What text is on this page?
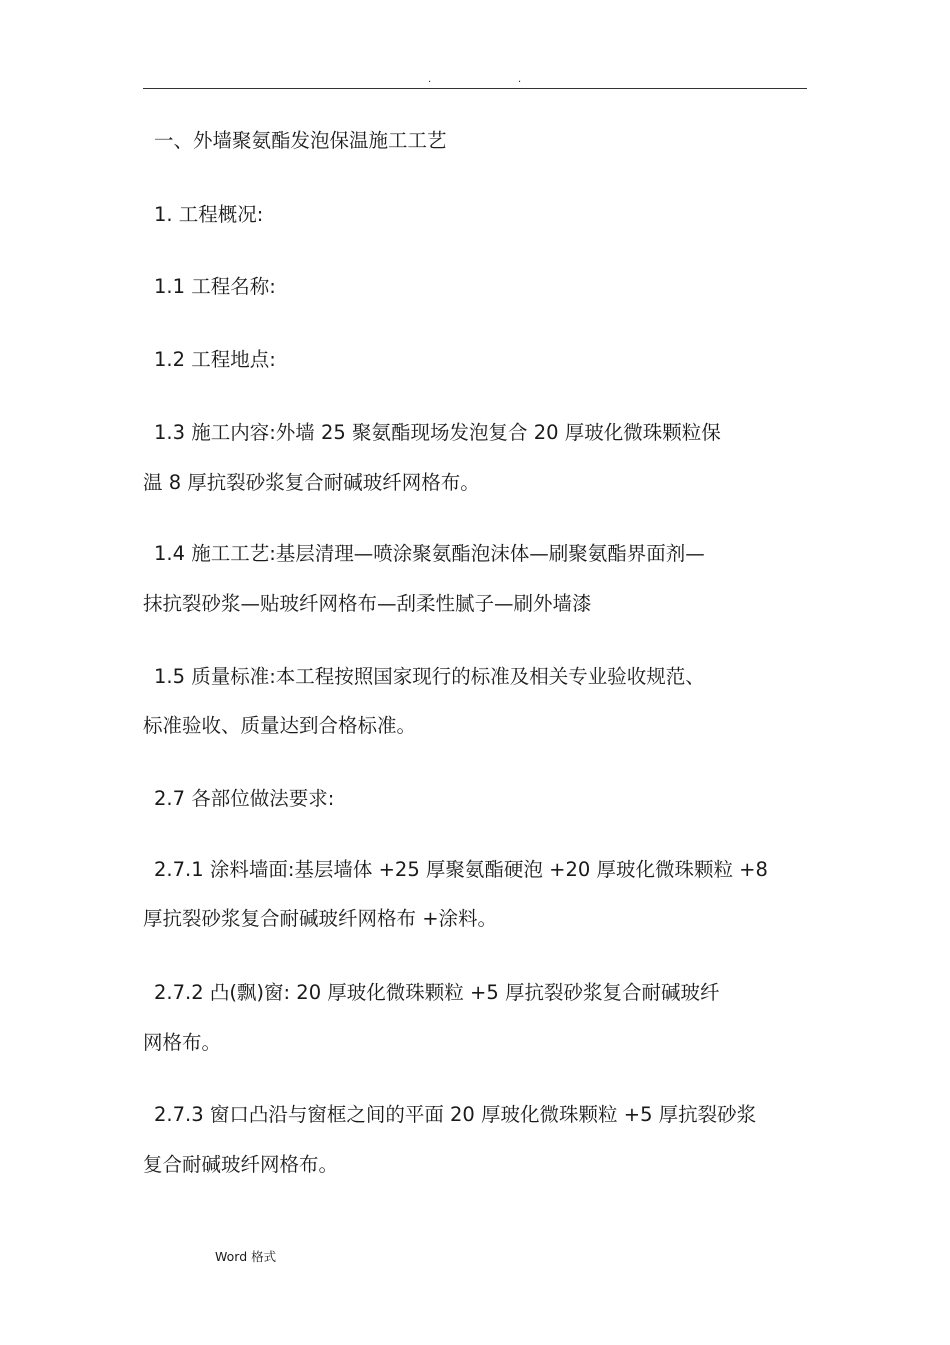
.	.
一、外墙聚氨酯发泡保温施工工艺
1. 工程概况:
1.1 工程名称:
1.2 工程地点:
1.3 施工内容:外墙 25 聚氨酯现场发泡复合 20 厚玻化微珠颗粒保
温 8 厚抗裂砂浆复合耐碱玻纤网格布。
1.4 施工工艺:基层清理—喷涂聚氨酯泡沫体—刷聚氨酯界面剂—
抹抗裂砂浆—贴玻纤网格布—刮柔性腻子—刷外墙漆
1.5 质量标准:本工程按照国家现行的标准及相关专业验收规范、
标准验收、质量达到合格标准。
2.7 各部位做法要求:
2.7.1 涂料墙面:基层墙体 +25 厚聚氨酯硬泡 +20 厚玻化微珠颗粒 +8
厚抗裂砂浆复合耐碱玻纤网格布 +涂料。
2.7.2 凸(飘)窗: 20 厚玻化微珠颗粒 +5 厚抗裂砂浆复合耐碱玻纤
网格布。
2.7.3 窗口凸沿与窗框之间的平面 20 厚玻化微珠颗粒 +5 厚抗裂砂浆
复合耐碱玻纤网格布。
Word 格式
